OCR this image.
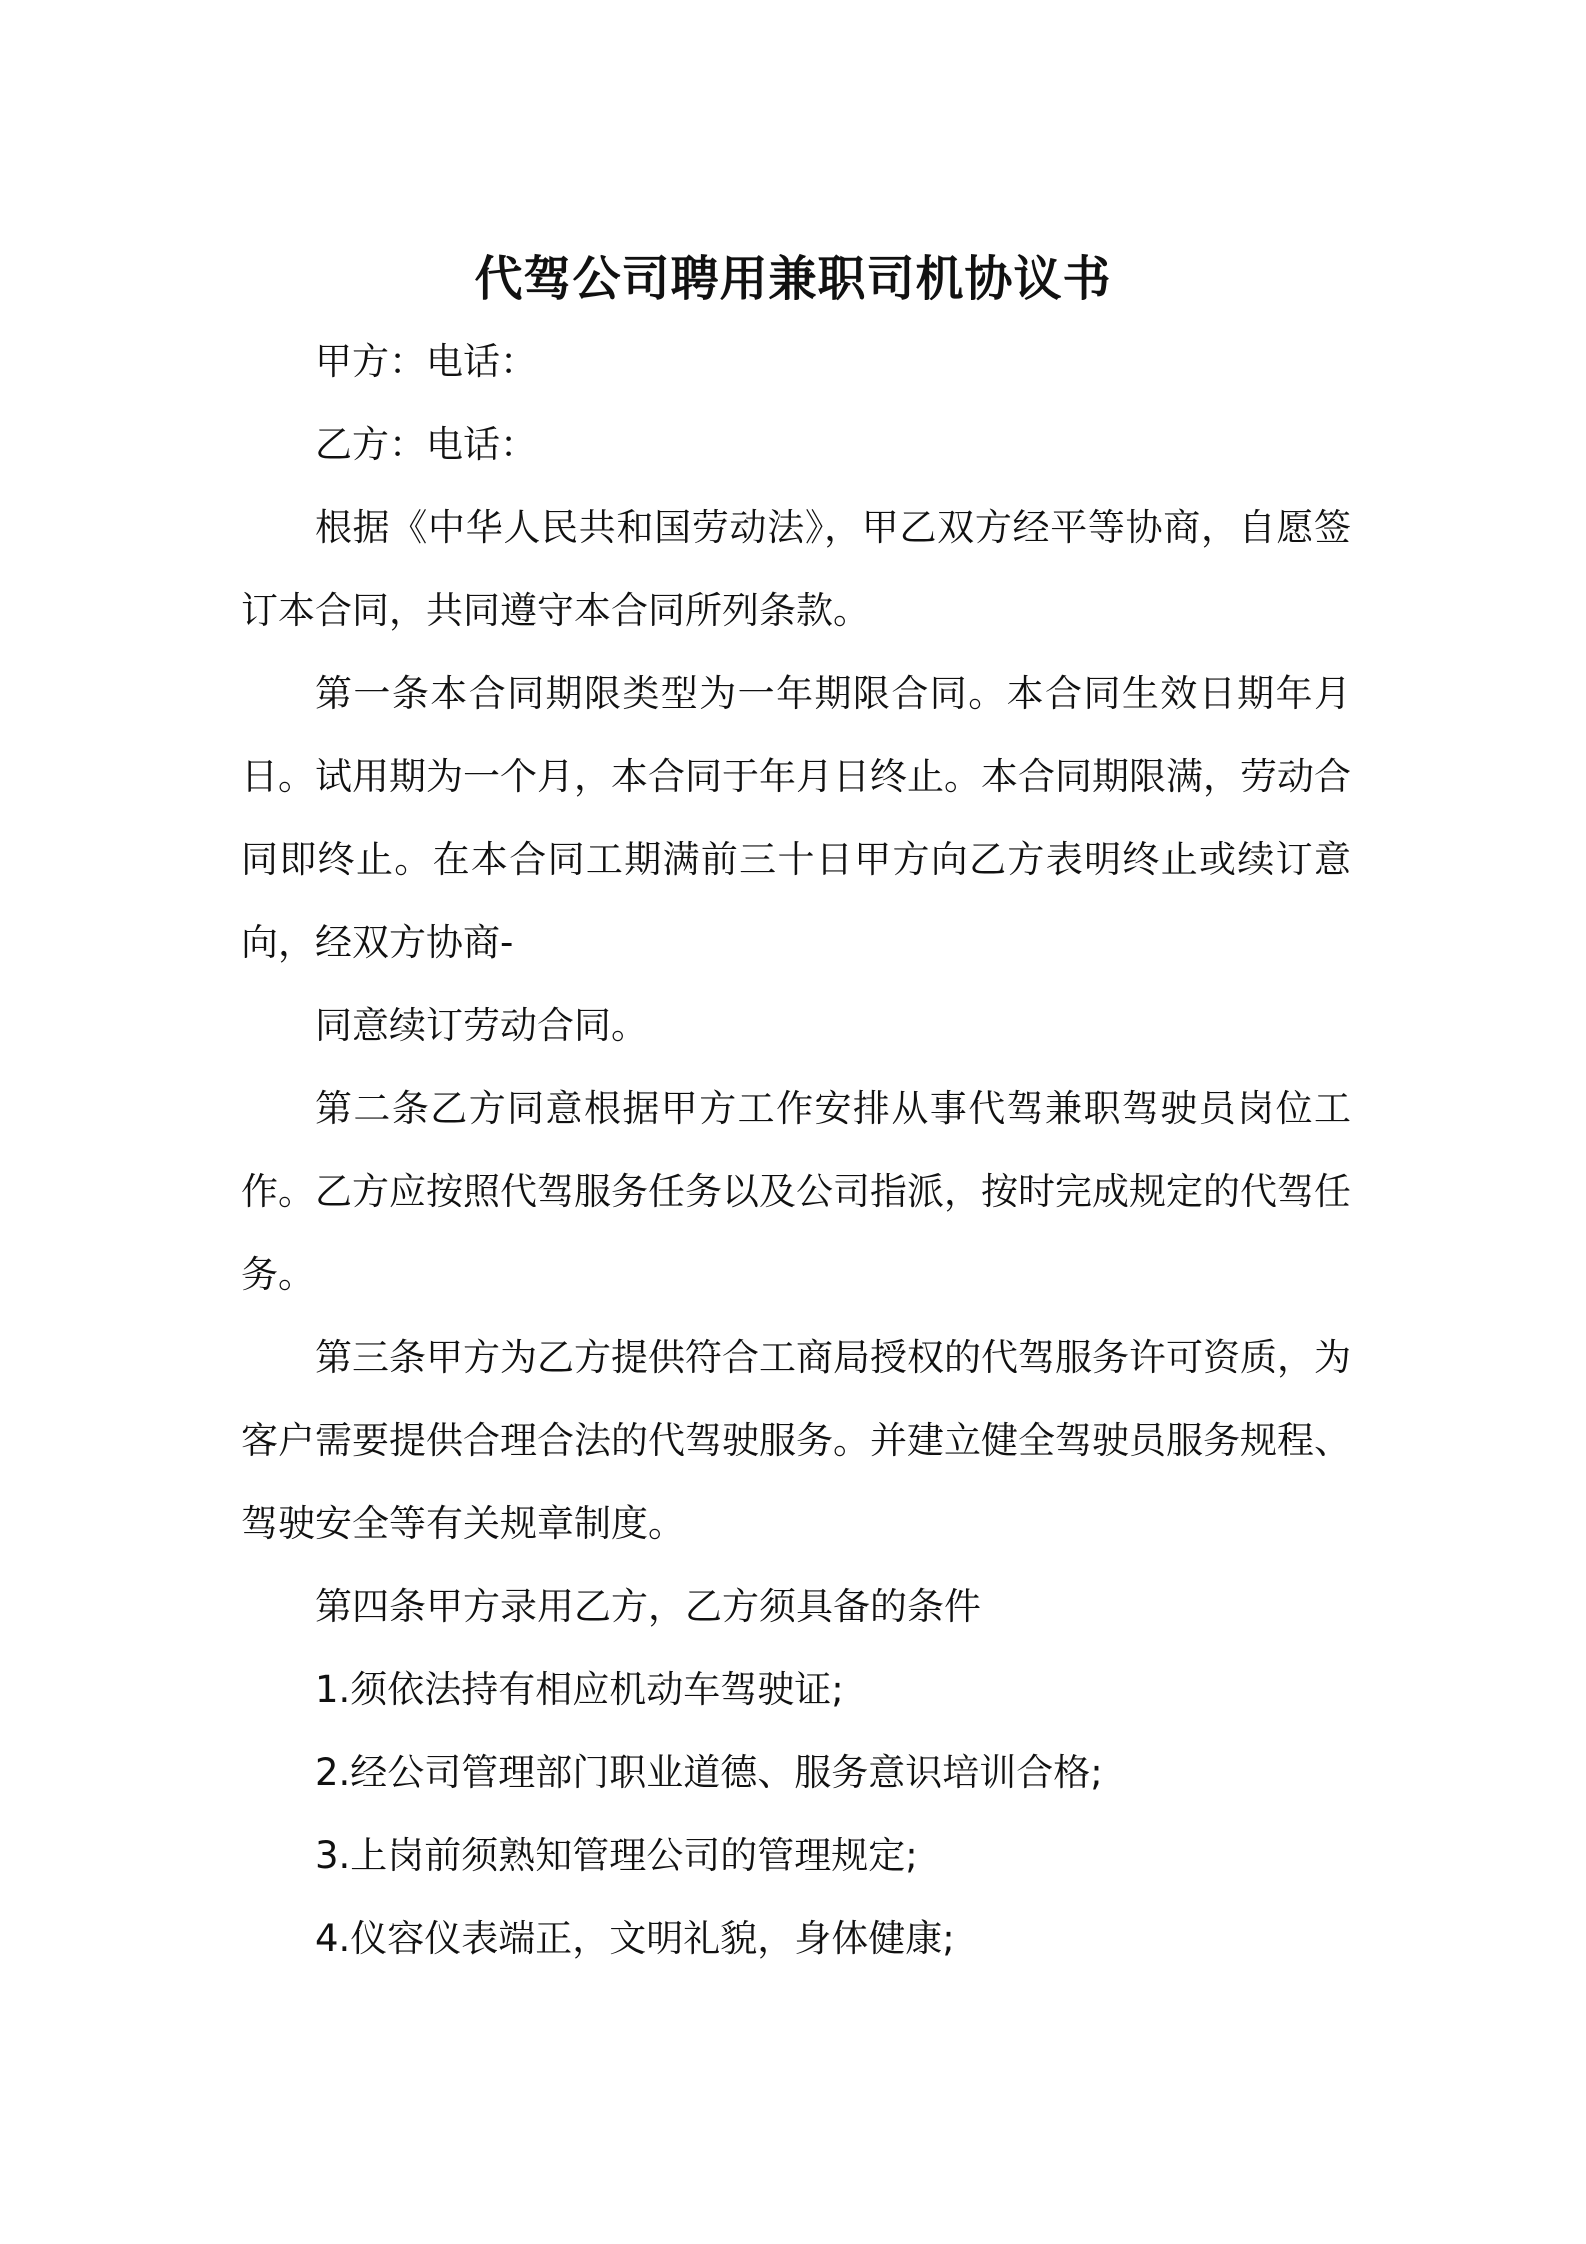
代驾公司聘用兼职司机协议书

甲方：电话：

乙方：电话：

根据《中华人民共和国劳动法》，甲乙双方经平等协商，自愿签订本合同，共同遵守本合同所列条款。

第一条本合同期限类型为一年期限合同。本合同生效日期年月日。试用期为一个月，本合同于年月日终止。本合同期限满，劳动合同即终止。在本合同工期满前三十日甲方向乙方表明终止或续订意向，经双方协商-

同意续订劳动合同。

第二条乙方同意根据甲方工作安排从事代驾兼职驾驶员岗位工作。乙方应按照代驾服务任务以及公司指派，按时完成规定的代驾任务。

第三条甲方为乙方提供符合工商局授权的代驾服务许可资质，为客户需要提供合理合法的代驾驶服务。并建立健全驾驶员服务规程、驾驶安全等有关规章制度。

第四条甲方录用乙方，乙方须具备的条件

1.须依法持有相应机动车驾驶证;

2.经公司管理部门职业道德、服务意识培训合格;

3.上岗前须熟知管理公司的管理规定;

4.仪容仪表端正，文明礼貌，身体健康;
